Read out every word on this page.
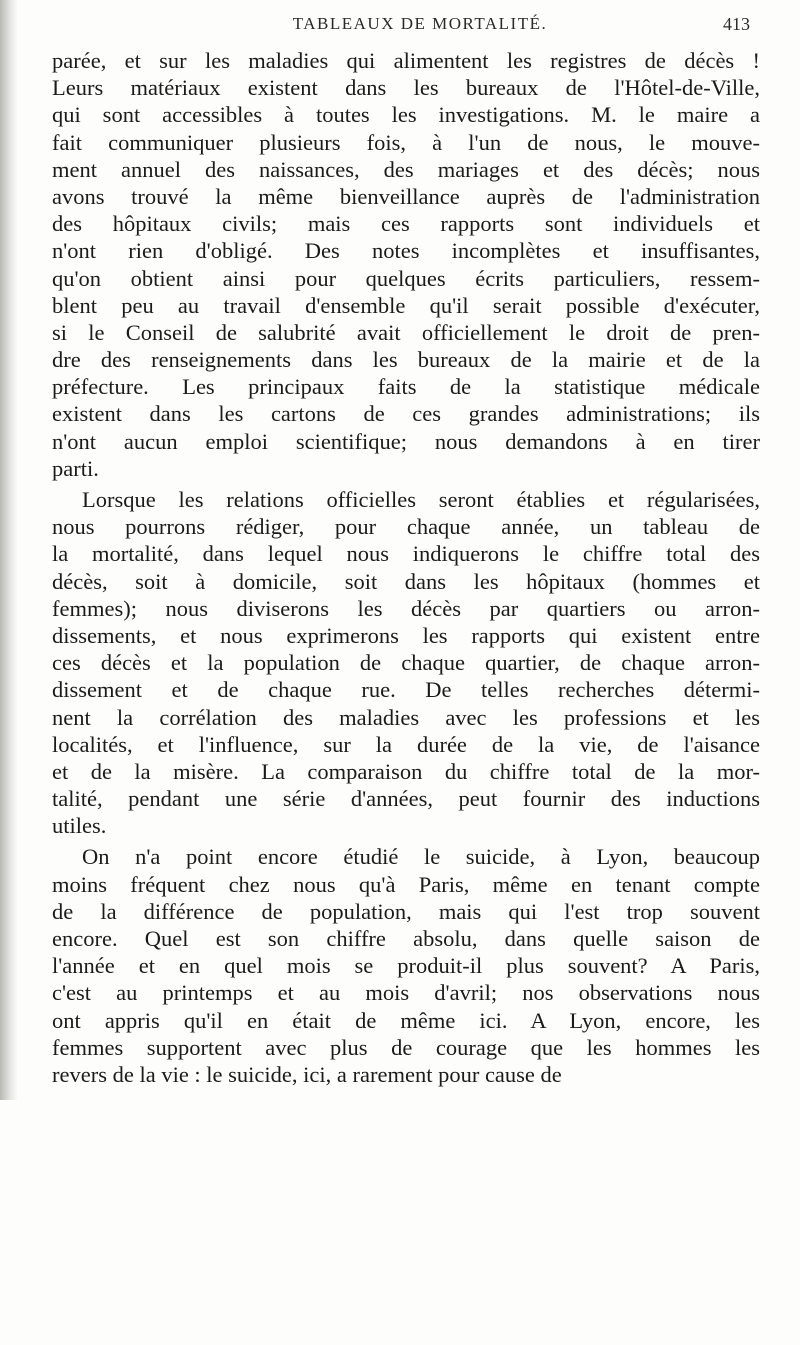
TABLEAUX DE MORTALITÉ.	413
parée, et sur les maladies qui alimentent les registres de décès !
Leurs matériaux existent dans les bureaux de l'Hôtel-de-Ville,
qui sont accessibles à toutes les investigations. M. le maire a
fait communiquer plusieurs fois, à l'un de nous, le mouve-
ment annuel des naissances, des mariages et des décès; nous
avons trouvé la même bienveillance auprès de l'administration
des hôpitaux civils; mais ces rapports sont individuels et
n'ont rien d'obligé. Des notes incomplètes et insuffisantes,
qu'on obtient ainsi pour quelques écrits particuliers, ressem-
blent peu au travail d'ensemble qu'il serait possible d'exécuter,
si le Conseil de salubrité avait officiellement le droit de pren-
dre des renseignements dans les bureaux de la mairie et de la
préfecture. Les principaux faits de la statistique médicale
existent dans les cartons de ces grandes administrations; ils
n'ont aucun emploi scientifique; nous demandons à en tirer
parti.
Lorsque les relations officielles seront établies et régularisées,
nous pourrons rédiger, pour chaque année, un tableau de
la mortalité, dans lequel nous indiquerons le chiffre total des
décès, soit à domicile, soit dans les hôpitaux (hommes et
femmes); nous diviserons les décès par quartiers ou arron-
dissements, et nous exprimerons les rapports qui existent entre
ces décès et la population de chaque quartier, de chaque arron-
dissement et de chaque rue. De telles recherches détermi-
nent la corrélation des maladies avec les professions et les
localités, et l'influence, sur la durée de la vie, de l'aisance
et de la misère. La comparaison du chiffre total de la mor-
talité, pendant une série d'années, peut fournir des inductions
utiles.
On n'a point encore étudié le suicide, à Lyon, beaucoup
moins fréquent chez nous qu'à Paris, même en tenant compte
de la différence de population, mais qui l'est trop souvent
encore. Quel est son chiffre absolu, dans quelle saison de
l'année et en quel mois se produit-il plus souvent? A Paris,
c'est au printemps et au mois d'avril; nos observations nous
ont appris qu'il en était de même ici. A Lyon, encore, les
femmes supportent avec plus de courage que les hommes les
revers de la vie : le suicide, ici, a rarement pour cause de
